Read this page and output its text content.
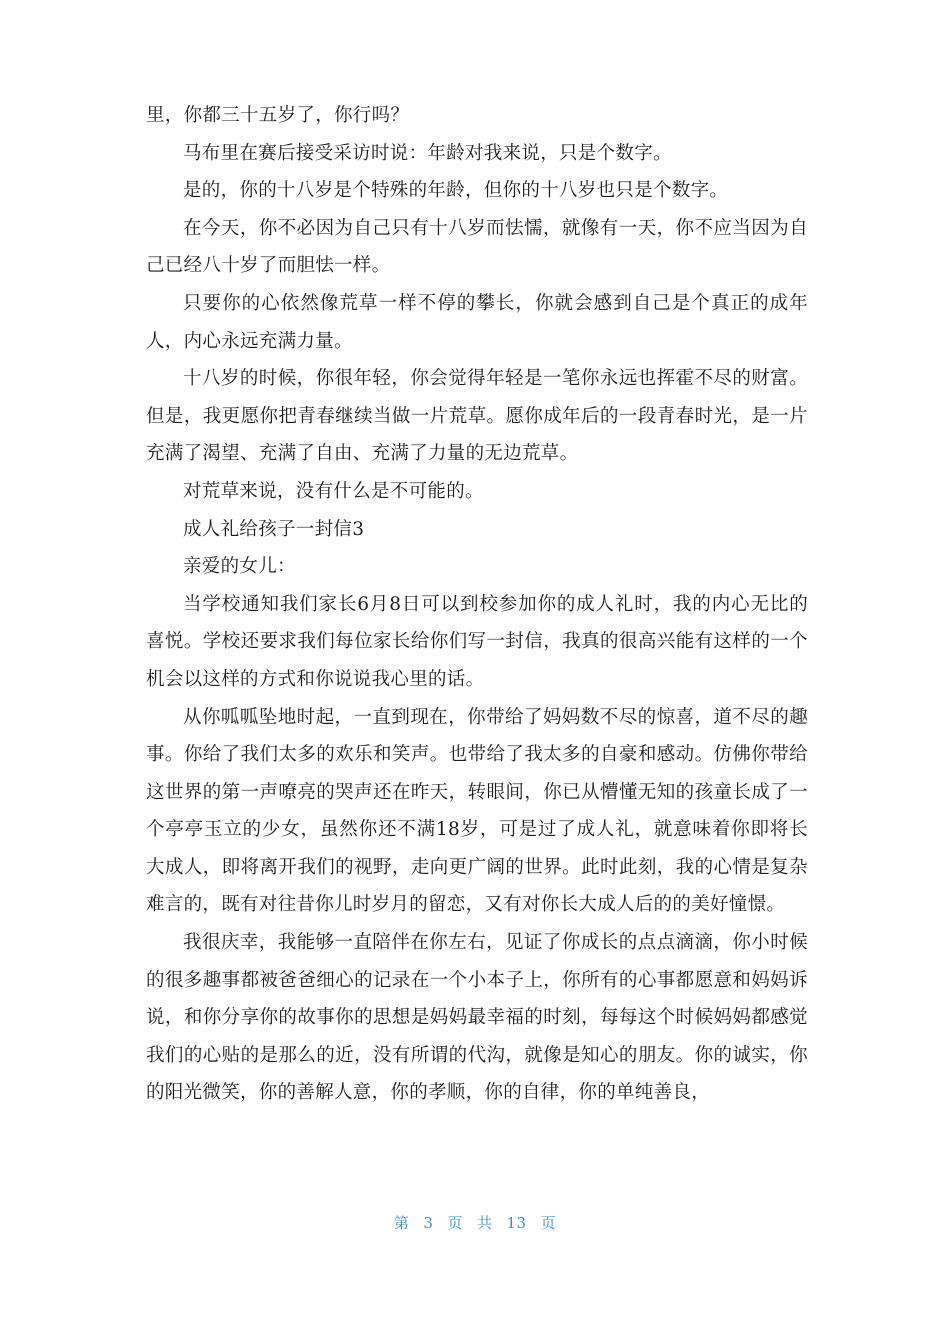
里，你都三十五岁了，你行吗？

马布里在赛后接受采访时说：年龄对我来说，只是个数字。

是的，你的十八岁是个特殊的年龄，但你的十八岁也只是个数字。

在今天，你不必因为自己只有十八岁而怯懦，就像有一天，你不应当因为自己已经八十岁了而胆怯一样。

只要你的心依然像荒草一样不停的攀长，你就会感到自己是个真正的成年人，内心永远充满力量。

十八岁的时候，你很年轻，你会觉得年轻是一笔你永远也挥霍不尽的财富。但是，我更愿你把青春继续当做一片荒草。愿你成年后的一段青春时光，是一片充满了渴望、充满了自由、充满了力量的无边荒草。

对荒草来说，没有什么是不可能的。

成人礼给孩子一封信3

亲爱的女儿：

当学校通知我们家长6月8日可以到校参加你的成人礼时，我的内心无比的喜悦。学校还要求我们每位家长给你们写一封信，我真的很高兴能有这样的一个机会以这样的方式和你说说我心里的话。

从你呱呱坠地时起，一直到现在，你带给了妈妈数不尽的惊喜，道不尽的趣事。你给了我们太多的欢乐和笑声。也带给了我太多的自豪和感动。仿佛你带给这世界的第一声嘹亮的哭声还在昨天，转眼间，你已从懵懂无知的孩童长成了一个亭亭玉立的少女，虽然你还不满18岁，可是过了成人礼，就意味着你即将长大成人，即将离开我们的视野，走向更广阔的世界。此时此刻，我的心情是复杂难言的，既有对往昔你儿时岁月的留恋，又有对你长大成人后的的美好憧憬。

我很庆幸，我能够一直陪伴在你左右，见证了你成长的点点滴滴，你小时候的很多趣事都被爸爸细心的记录在一个小本子上，你所有的心事都愿意和妈妈诉说，和你分享你的故事你的思想是妈妈最幸福的时刻，每每这个时候妈妈都感觉我们的心贴的是那么的近，没有所谓的代沟，就像是知心的朋友。你的诚实，你的阳光微笑，你的善解人意，你的孝顺，你的自律，你的单纯善良，

第 3 页 共 13 页
